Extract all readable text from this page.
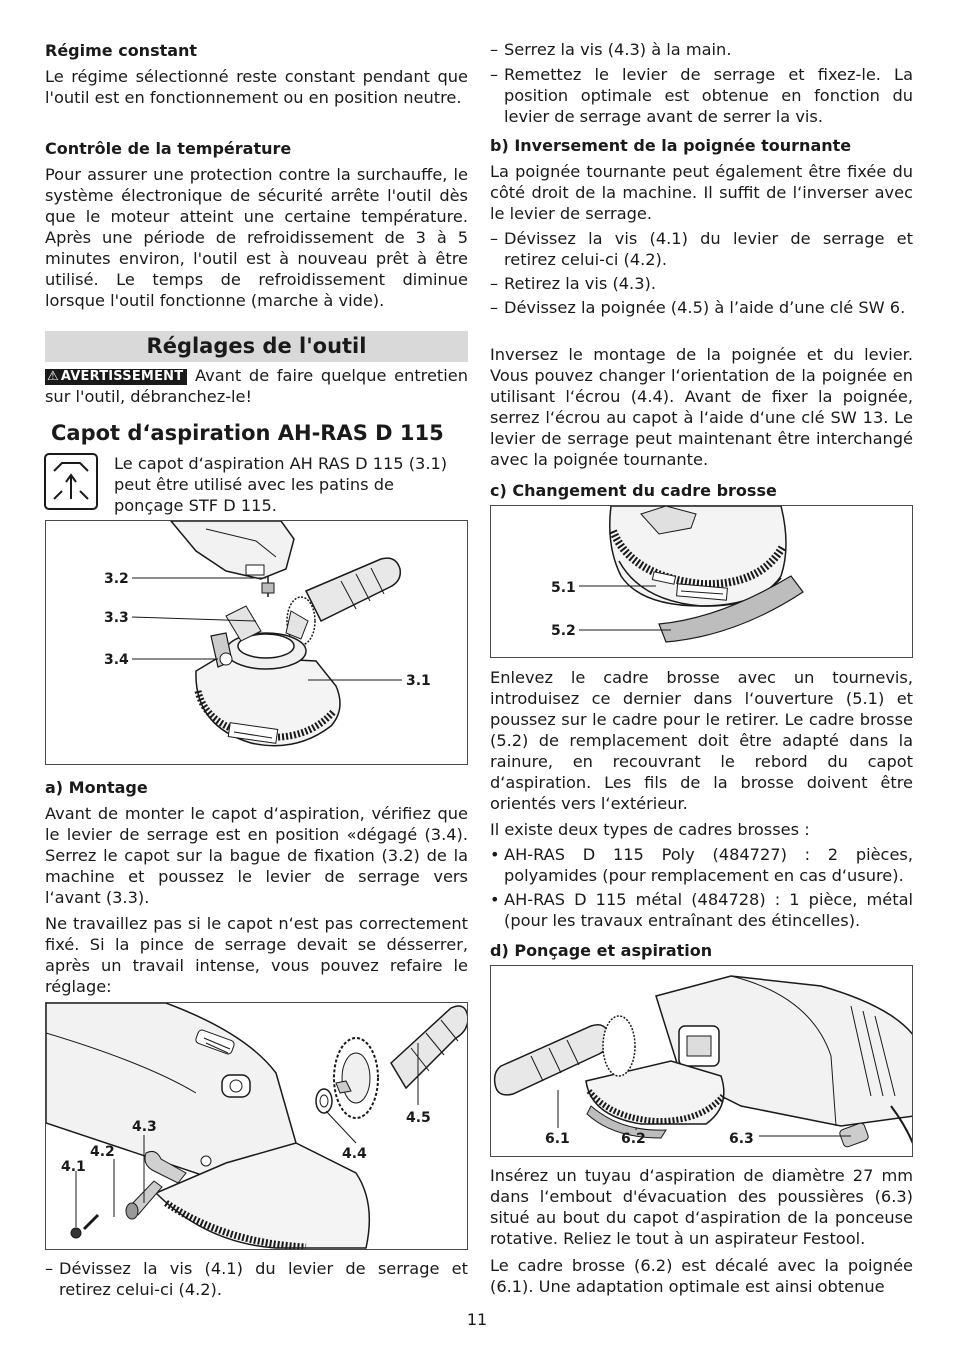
Régime constant
Le régime sélectionné reste constant pendant que l'outil est en fonctionnement ou en position neutre.
Contrôle de la température
Pour assurer une protection contre la surchauffe, le système électronique de sécurité arrête l'outil dès que le moteur atteint une certaine température. Après une période de refroidissement de 3 à 5 minutes environ, l'outil est à nouveau prêt à être utilisé. Le temps de refroidissement diminue lorsque l'outil fonctionne (marche à vide).
Réglages de l'outil
⚠ AVERTISSEMENT Avant de faire quelque entretien sur l'outil, débranchez-le!
Capot d‘aspiration AH-RAS D 115
Le capot d‘aspiration AH RAS D 115 (3.1) peut être utilisé avec les patins de ponçage STF D 115.
3.2
3.3
3.4
3.1
a) Montage
Avant de monter le capot d‘aspiration, vérifiez que le levier de serrage est en position «dégagé (3.4). Serrez le capot sur la bague de fixation (3.2) de la machine et poussez le levier de serrage vers l‘avant (3.3).
Ne travaillez pas si le capot n‘est pas correctement fixé. Si la pince de serrage devait se désserrer, après un travail intense, vous pouvez refaire le réglage:
4.3
4.2
4.1
4.4
4.5
– Dévissez la vis (4.1) du levier de serrage et retirez celui-ci (4.2).
– Serrez la vis (4.3) à la main.
– Remettez le levier de serrage et fixez-le. La position optimale est obtenue en fonction du levier de serrage avant de serrer la vis.
b) Inversement de la poignée tournante
La poignée tournante peut également être fixée du côté droit de la machine. Il suffit de l‘inverser avec le levier de serrage.
– Dévissez la vis (4.1) du levier de serrage et retirez celui-ci (4.2).
– Retirez la vis (4.3).
– Dévissez la poignée (4.5) à l’aide d’une clé SW 6.
Inversez le montage de la poignée et du levier. Vous pouvez changer l‘orientation de la poignée en utilisant l‘écrou (4.4). Avant de fixer la poignée, serrez l‘écrou au capot à l‘aide d‘une clé SW 13. Le levier de serrage peut maintenant être interchangé avec la poignée tournante.
c) Changement du cadre brosse
5.1
5.2
Enlevez le cadre brosse avec un tournevis, introduisez ce dernier dans l‘ouverture (5.1) et poussez sur le cadre pour le retirer. Le cadre brosse (5.2) de remplacement doit être adapté dans la rainure, en recouvrant le rebord du capot d‘aspiration. Les fils de la brosse doivent être orientés vers l‘extérieur.
Il existe deux types de cadres brosses :
• AH-RAS D 115 Poly (484727) : 2 pièces, polyamides (pour remplacement en cas d‘usure).
• AH-RAS D 115 métal (484728) : 1 pièce, métal (pour les travaux entraînant des étincelles).
d) Ponçage et aspiration
6.1	6.2	6.3
Insérez un tuyau d‘aspiration de diamètre 27 mm dans l‘embout d'évacuation des poussières (6.3) situé au bout du capot d‘aspiration de la ponceuse rotative. Reliez le tout à un aspirateur Festool.
Le cadre brosse (6.2) est décalé avec la poignée (6.1). Une adaptation optimale est ainsi obtenue
11
